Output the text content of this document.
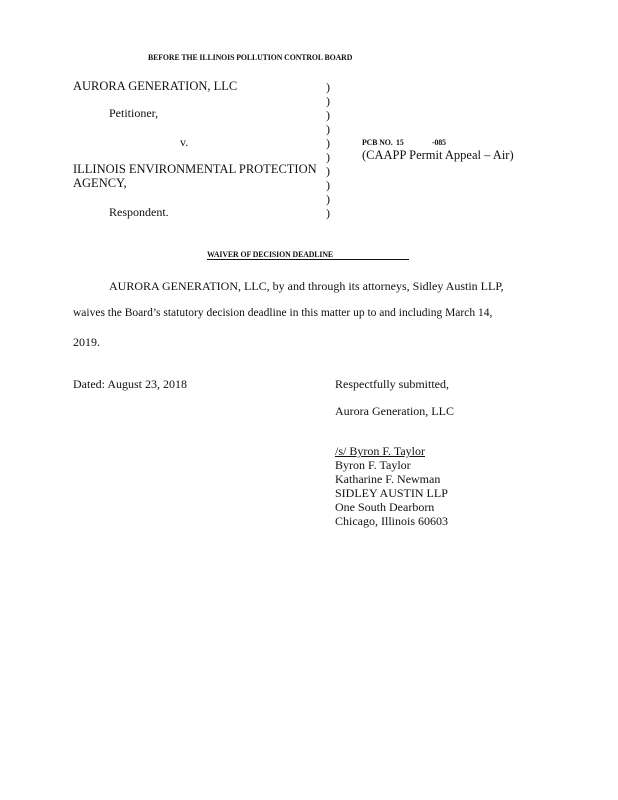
BEFORE THE ILLINOIS POLLUTION CONTROL BOARD
AURORA GENERATION, LLC
Petitioner,
v.
ILLINOIS ENVIRONMENTAL PROTECTION
AGENCY,
Respondent.
)
)
)
)
)
)
)
)
)
)
PCB NO. 15	-085
(CAAPP Permit Appeal – Air)
WAIVER OF DECISION DEADLINE
AURORA GENERATION, LLC, by and through its attorneys, Sidley Austin LLP,
waives the Board’s statutory decision deadline in this matter up to and including March 14,
2019.
Dated: August 23, 2018	Respectfully submitted,
Aurora Generation, LLC
/s/ Byron F. Taylor
Byron F. Taylor
Katharine F. Newman
SIDLEY AUSTIN LLP
One South Dearborn
Chicago, Illinois 60603
